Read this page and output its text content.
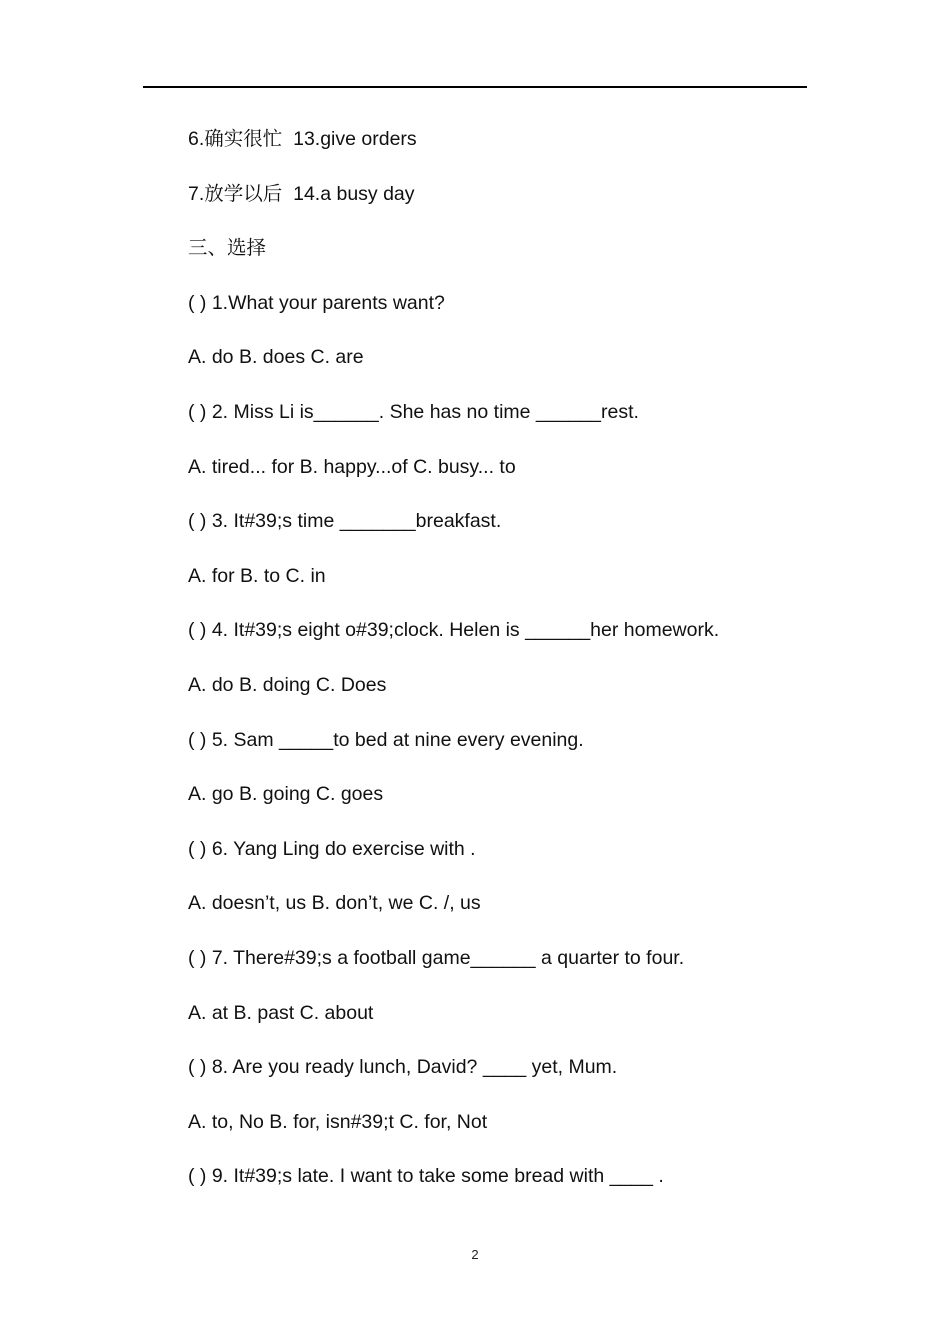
6.确实很忙  13.give orders

7.放学以后  14.a busy day

三、选择

( ) 1.What your parents want?

A. do B. does C. are

( ) 2. Miss Li is______. She has no time ______rest.

A. tired... for B. happy...of C. busy... to

( ) 3. It#39;s time _______breakfast.

A. for B. to C. in

( ) 4. It#39;s eight o#39;clock. Helen is ______her homework.

A. do B. doing C. Does

( ) 5. Sam _____to bed at nine every evening.

A. go B. going C. goes

( ) 6. Yang Ling do exercise with .

A. doesn’t, us B. don’t, we C. /, us

( ) 7. There#39;s a football game______ a quarter to four.

A. at B. past C. about

( ) 8. Are you ready lunch, David? ____ yet, Mum.

A. to, No B. for, isn#39;t C. for, Not

( ) 9. It#39;s late. I want to take some bread with ____ .

2
